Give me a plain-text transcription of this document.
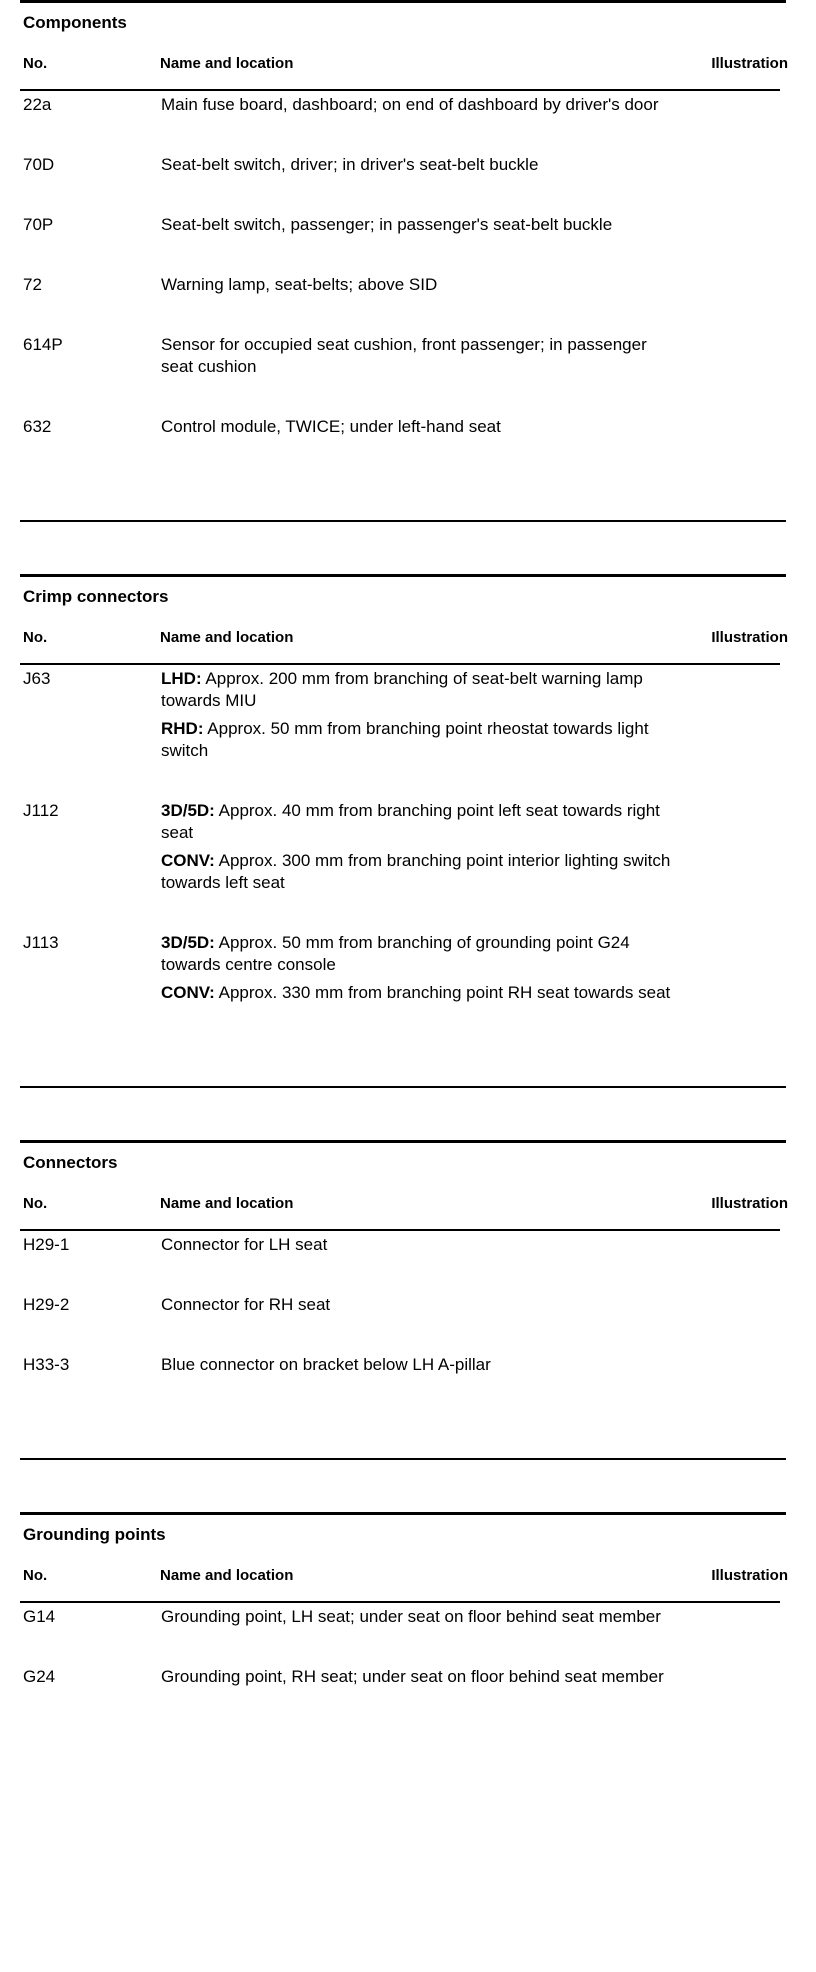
Components
No.	Name and location	Illustration
22a	Main fuse board, dashboard; on end of dashboard by driver's door
70D	Seat-belt switch, driver; in driver's seat-belt buckle
70P	Seat-belt switch, passenger; in passenger's seat-belt buckle
72	Warning lamp, seat-belts; above SID
614P	Sensor for occupied seat cushion, front passenger; in passenger seat cushion
632	Control module, TWICE; under left-hand seat
Crimp connectors
No.	Name and location	Illustration
J63	LHD: Approx. 200 mm from branching of seat-belt warning lamp towards MIU
RHD: Approx. 50 mm from branching point rheostat towards light switch
J112	3D/5D: Approx. 40 mm from branching point left seat towards right seat
CONV: Approx. 300 mm from branching point interior lighting switch towards left seat
J113	3D/5D: Approx. 50 mm from branching of grounding point G24 towards centre console
CONV: Approx. 330 mm from branching point RH seat towards seat
Connectors
No.	Name and location	Illustration
H29-1	Connector for LH seat
H29-2	Connector for RH seat
H33-3	Blue connector on bracket below LH A-pillar
Grounding points
No.	Name and location	Illustration
G14	Grounding point, LH seat; under seat on floor behind seat member
G24	Grounding point, RH seat; under seat on floor behind seat member
